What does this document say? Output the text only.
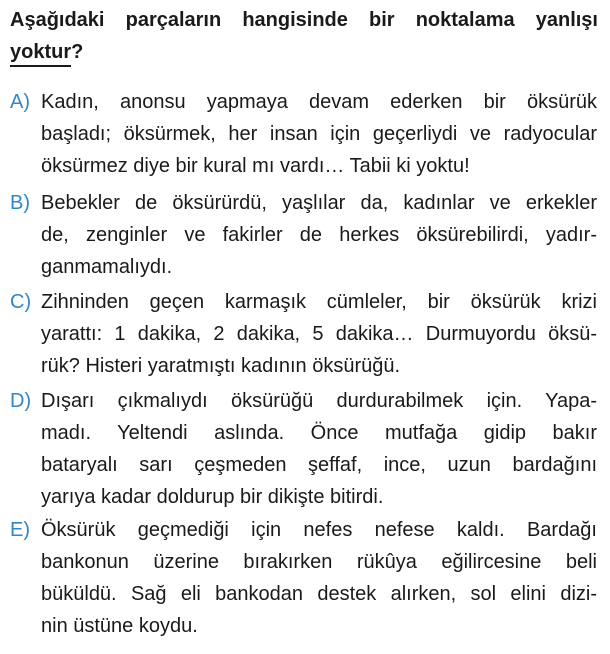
Aşağıdaki parçaların hangisinde bir noktalama yanlışı
yoktur?
A) Kadın, anonsu yapmaya devam ederken bir öksürük
başladı; öksürmek, her insan için geçerliydi ve radyocular
öksürmez diye bir kural mı vardı… Tabii ki yoktu!
B) Bebekler de öksürürdü, yaşlılar da, kadınlar ve erkekler
de, zenginler ve fakirler de herkes öksürebilirdi, yadır-
ganmamalıydı.
C) Zihninden geçen karmaşık cümleler, bir öksürük krizi
yarattı: 1 dakika, 2 dakika, 5 dakika… Durmuyordu öksü-
rük? Histeri yaratmıştı kadının öksürüğü.
D) Dışarı çıkmalıydı öksürüğü durdurabilmek için. Yapa-
madı. Yeltendi aslında. Önce mutfağa gidip bakır
bataryalı sarı çeşmeden şeffaf, ince, uzun bardağını
yarıya kadar doldurup bir dikişte bitirdi.
E) Öksürük geçmediği için nefes nefese kaldı. Bardağı
bankonun üzerine bırakırken rükûya eğilircesine beli
büküldü. Sağ eli bankodan destek alırken, sol elini dizi-
nin üstüne koydu.
